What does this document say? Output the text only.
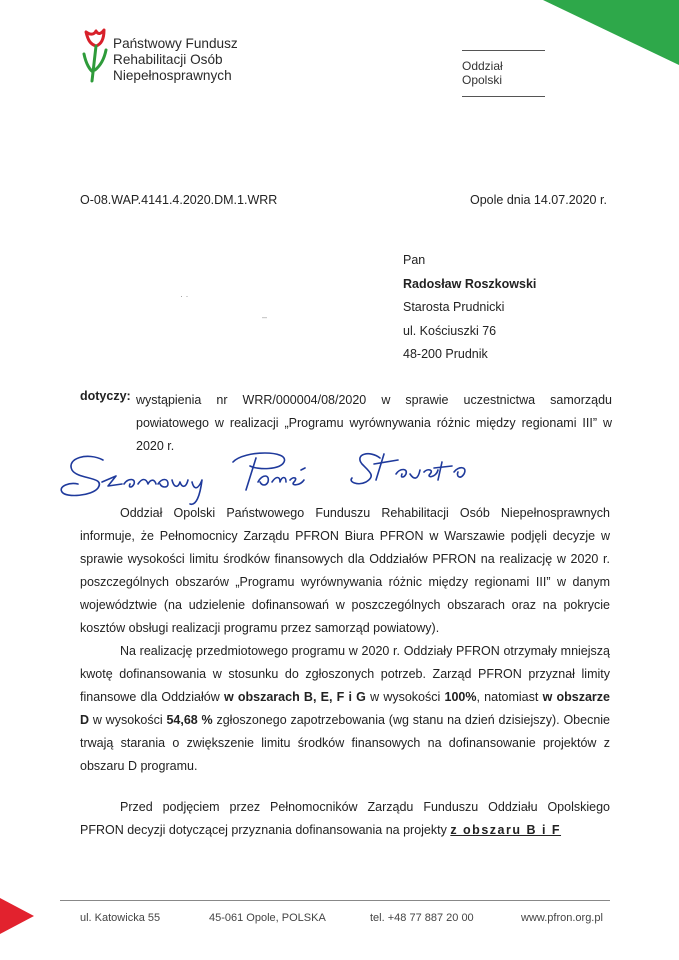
Państwowy Fundusz
Rehabilitacji Osób
Niepełnosprawnych
Oddział Opolski
O-08.WAP.4141.4.2020.DM.1.WRR	Opole dnia 14.07.2020 r.
Pan
Radosław Roszkowski
Starosta Prudnicki
ul. Kościuszki 76
48-200 Prudnik
· ·
–
dotyczy: wystąpienia nr WRR/000004/08/2020 w sprawie uczestnictwa samorządu powiatowego w realizacji „Programu wyrównywania różnic między regionami III” w 2020 r.

Oddział Opolski Państwowego Funduszu Rehabilitacji Osób Niepełnosprawnych informuje, że Pełnomocnicy Zarządu PFRON Biura PFRON w Warszawie podjęli decyzje w sprawie wysokości limitu środków finansowych dla Oddziałów PFRON na realizację w 2020 r. poszczególnych obszarów „Programu wyrównywania różnic między regionami III” w danym województwie (na udzielenie dofinansowań w poszczególnych obszarach oraz na pokrycie kosztów obsługi realizacji programu przez samorząd powiatowy).

Na realizację przedmiotowego programu w 2020 r. Oddziały PFRON otrzymały mniejszą kwotę dofinansowania w stosunku do zgłoszonych potrzeb. Zarząd PFRON przyznał limity finansowe dla Oddziałów w obszarach B, E, F i G w wysokości 100%, natomiast w obszarze D w wysokości 54,68 % zgłoszonego zapotrzebowania (wg stanu na dzień dzisiejszy). Obecnie trwają starania o zwiększenie limitu środków finansowych na dofinansowanie projektów z obszaru D programu.

Przed podjęciem przez Pełnomocników Zarządu Funduszu Oddziału Opolskiego PFRON decyzji dotyczącej przyznania dofinansowania na projekty z obszaru B i F

ul. Katowicka 55	45-061 Opole, POLSKA	tel. +48 77 887 20 00	www.pfron.org.pl
